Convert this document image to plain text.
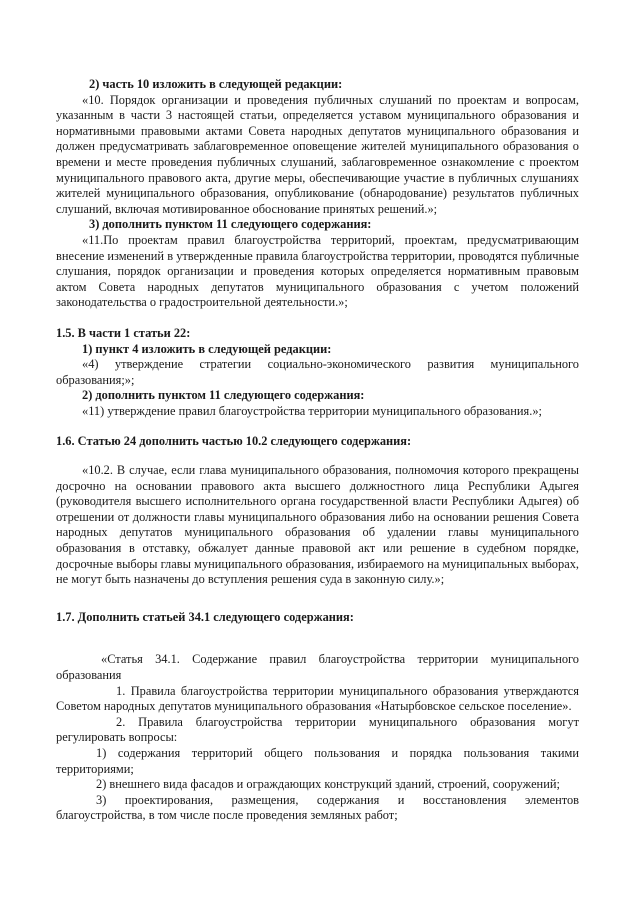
2) часть 10 изложить в следующей редакции:

«10. Порядок организации и проведения публичных слушаний по проектам и вопросам, указанным в части 3 настоящей статьи, определяется уставом муниципального образования и нормативными правовыми актами Совета народных депутатов муниципального образования и должен предусматривать заблаговременное оповещение жителей муниципального образования о времени и месте проведения публичных слушаний, заблаговременное ознакомление с проектом муниципального правового акта, другие меры, обеспечивающие участие в публичных слушаниях жителей муниципального образования, опубликование (обнародование) результатов публичных слушаний, включая мотивированное обоснование принятых решений.»;

3) дополнить пунктом 11 следующего содержания:

«11.По проектам правил благоустройства территорий, проектам, предусматривающим внесение изменений в утвержденные правила благоустройства территории, проводятся публичные слушания, порядок организации и проведения которых определяется нормативным правовым актом Совета народных депутатов муниципального образования с учетом положений законодательства о градостроительной деятельности.»;

1.5. В части 1 статьи 22:

1) пункт 4 изложить в следующей редакции:

«4) утверждение стратегии социально-экономического развития муниципального образования;»;

2) дополнить пунктом 11 следующего содержания:

«11) утверждение правил благоустройства территории муниципального образования.»;

1.6. Статью 24 дополнить частью 10.2 следующего содержания:

«10.2. В случае, если глава муниципального образования, полномочия которого прекращены досрочно на основании правового акта высшего должностного лица Республики Адыгея (руководителя высшего исполнительного органа государственной власти Республики Адыгея) об отрешении от должности главы муниципального образования либо на основании решения Совета народных депутатов муниципального образования об удалении главы муниципального образования в отставку, обжалует данные правовой акт или решение в судебном порядке, досрочные выборы главы муниципального образования, избираемого на муниципальных выборах, не могут быть назначены до вступления решения суда в законную силу.»;

1.7. Дополнить статьей 34.1 следующего содержания:

«Статья 34.1. Содержание правил благоустройства территории муниципального образования

1. Правила благоустройства территории муниципального образования утверждаются Советом народных депутатов муниципального образования «Натырбовское сельское поселение».

2. Правила благоустройства территории муниципального образования могут регулировать вопросы:

1) содержания территорий общего пользования и порядка пользования такими территориями;

2) внешнего вида фасадов и ограждающих конструкций зданий, строений, сооружений;

3) проектирования, размещения, содержания и восстановления элементов благоустройства, в том числе после проведения земляных работ;
